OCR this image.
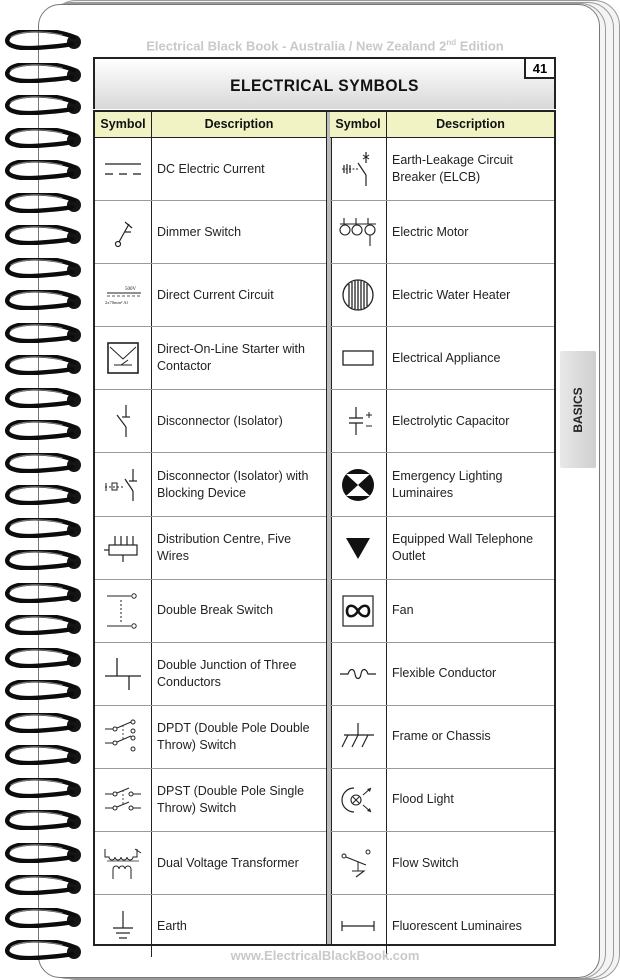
Electrical Black Book - Australia / New Zealand 2nd Edition
ELECTRICAL SYMBOLS
41
Symbol	Description
DC Electric Current
Dimmer Switch
500V
2x70mm² Al
Direct Current Circuit
Direct-On-Line Starter with Contactor
Disconnector (Isolator)
Disconnector (Isolator) with Blocking Device
Distribution Centre, Five Wires
Double Break Switch
Double Junction of Three Conductors
DPDT (Double Pole Double Throw) Switch
DPST (Double Pole Single Throw) Switch
Dual Voltage Transformer
Earth
Symbol	Description
Earth-Leakage Circuit Breaker (ELCB)
Electric Motor
Electric Water Heater
Electrical Appliance
Electrolytic Capacitor
Emergency Lighting Luminaires
Equipped Wall Telephone Outlet
Fan
Flexible Conductor
Frame or Chassis
Flood Light
Flow Switch
Fluorescent Luminaires
BASICS
www.ElectricalBlackBook.com
